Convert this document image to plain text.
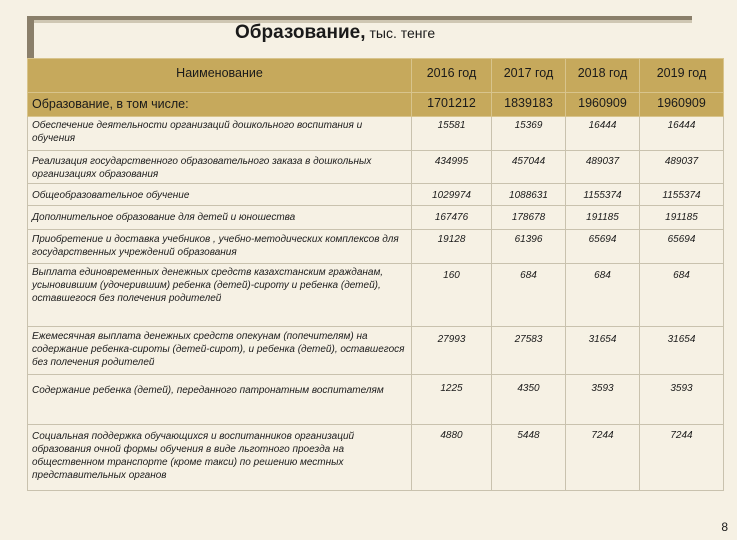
Образование, тыс. тенге
Наименование	2016 год	2017 год	2018 год	2019 год
Образование, в том числе:	1701212	1839183	1960909	1960909
Обеспечение деятельности организаций дошкольного воспитания и обучения	15581	15369	16444	16444
Реализация государственного образовательного заказа в дошкольных организациях образования	434995	457044	489037	489037
Общеобразовательное обучение	1029974	1088631	1155374	1155374
Дополнительное образование для детей и юношества	167476	178678	191185	191185
Приобретение и доставка учебников , учебно-методических комплексов для государственных учреждений образования	19128	61396	65694	65694
Выплата единовременных денежных средств казахстанским гражданам, усыновившим (удочерившим) ребенка (детей)-сироту и ребенка (детей), оставшегося без полечения родителей	160	684	684	684
Ежемесячная выплата денежных средств опекунам (попечителям) на содержание ребенка-сироты (детей-сирот), и ребенка (детей), оставшегося без полечения родителей	27993	27583	31654	31654
Содержание ребенка (детей), переданного патронатным воспитателям	1225	4350	3593	3593
Социальная поддержка обучающихся и воспитанников организаций образования очной формы обучения в виде льготного проезда на общественном транспорте (кроме такси) по решению местных представительных органов	4880	5448	7244	7244
8
